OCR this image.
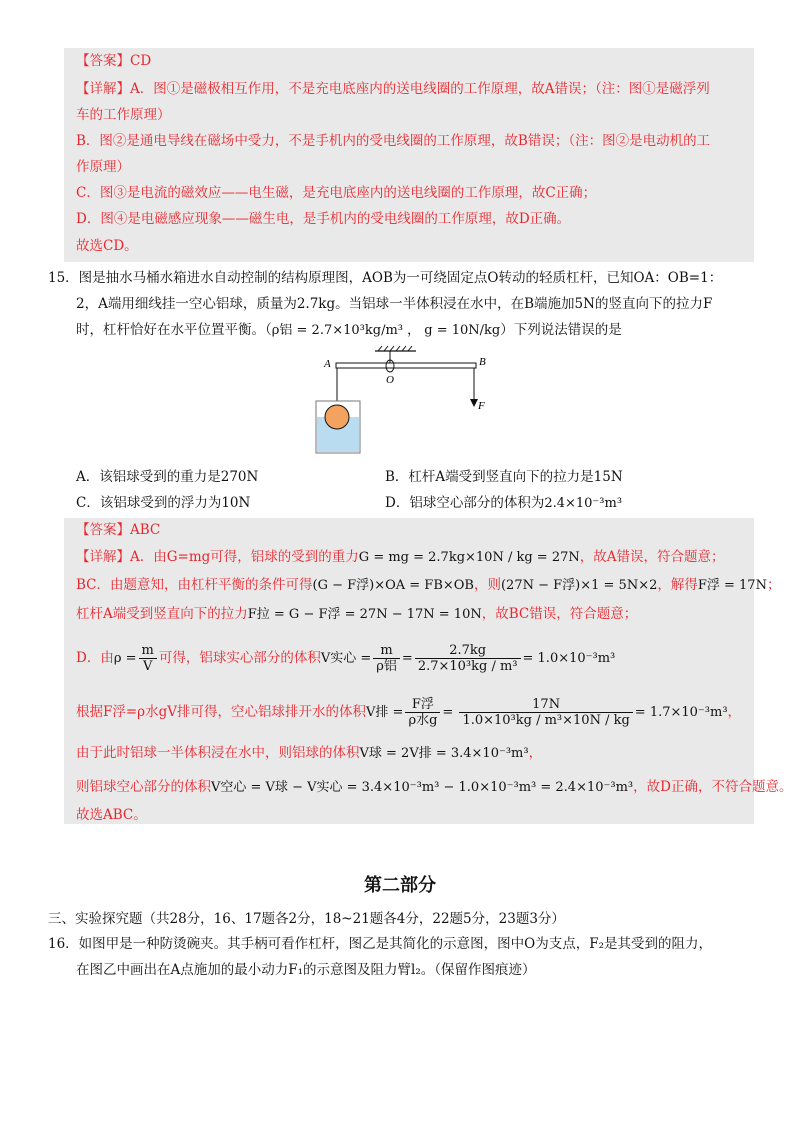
【答案】CD
【详解】A．图①是磁极相互作用，不是充电底座内的送电线圈的工作原理，故A错误；（注：图①是磁浮列
车的工作原理）
B．图②是通电导线在磁场中受力，不是手机内的受电线圈的工作原理，故B错误；（注：图②是电动机的工
作原理）
C．图③是电流的磁效应——电生磁，是充电底座内的送电线圈的工作原理，故C正确；
D．图④是电磁感应现象——磁生电，是手机内的受电线圈的工作原理，故D正确。
故选CD。
15．图是抽水马桶水箱进水自动控制的结构原理图，AOB为一可绕固定点O转动的轻质杠杆，已知OA：OB=1：
2，A端用细线挂一空心铝球，质量为2.7kg。当铝球一半体积浸在水中，在B端施加5N的竖直向下的拉力F
时，杠杆恰好在水平位置平衡。（ρ铝 = 2.7×10³kg/m³ ， g = 10N/kg）下列说法错误的是
A
O
B
F
A．该铝球受到的重力是270N	B．杠杆A端受到竖直向下的拉力是15N
C．该铝球受到的浮力为10N	D．铝球空心部分的体积为2.4×10⁻³m³
【答案】ABC
【详解】A．由G=mg可得，铝球的受到的重力G = mg = 2.7kg×10N / kg = 27N，故A错误，符合题意；
BC．由题意知，由杠杆平衡的条件可得(G − F浮)×OA = FB×OB，则(27N − F浮)×1 = 5N×2，解得F浮 = 17N；
杠杆A端受到竖直向下的拉力F拉 = G − F浮 = 27N − 17N = 10N，故BC错误，符合题意；
D．由$\rho = \frac{m}{V}$ 可得，铝球实心部分的体积V实心 = $\frac{m}{\text{ρ铝}} = \frac{2.7kg}{\text{2.7×10³kg / m³}} = 1.0\times 10^{-3}m^3$
根据F浮=ρ水gV排可得，空心铝球排开水的体积V排 = $\frac{\text{F浮}}{\text{ρ水g}} = \frac{17N}{\text{1.0×10³kg / m³×10N / kg}} = 1.7\times 10^{-3}m^3$，
由于此时铝球一半体积浸在水中，则铝球的体积V球 = 2V排 = 3.4×10⁻³m³，
则铝球空心部分的体积V空心 = V球 − V实心 = 3.4×10⁻³m³ − 1.0×10⁻³m³ = 2.4×10⁻³m³，故D正确，不符合题意。
故选ABC。
第二部分
三、实验探究题（共28分，16、17题各2分，18~21题各4分，22题5分，23题3分）
16．如图甲是一种防烫碗夹。其手柄可看作杠杆，图乙是其简化的示意图，图中O为支点，F₂是其受到的阻力，
在图乙中画出在A点施加的最小动力F₁的示意图及阻力臂l₂。（保留作图痕迹）
